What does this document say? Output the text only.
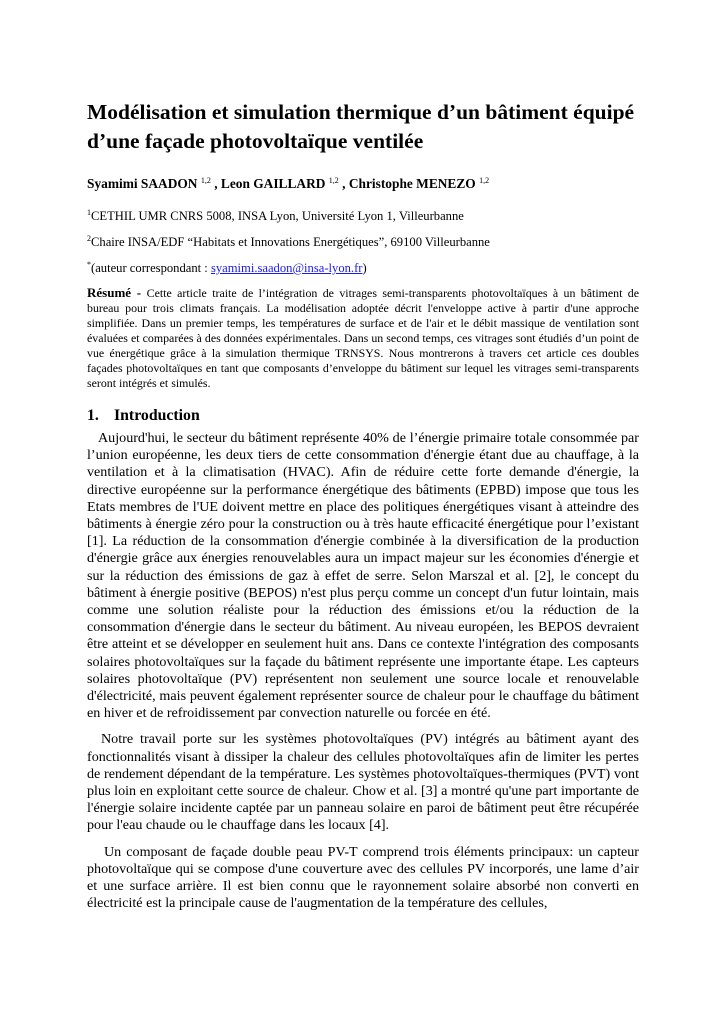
Modélisation et simulation thermique d’un bâtiment équipé d’une façade photovoltaïque ventilée
Syamimi SAADON $^{1,2}$ , Leon GAILLARD $^{1,2}$ , Christophe MENEZO $^{1,2}$
$^1$CETHIL UMR CNRS 5008, INSA Lyon, Université Lyon 1, Villeurbanne
$^2$Chaire INSA/EDF “Habitats et Innovations Energétiques”, 69100 Villeurbanne
*(auteur correspondant : syamimi.saadon@insa-lyon.fr)
Résumé - Cette article traite de l’intégration de vitrages semi-transparents photovoltaïques à un bâtiment de bureau pour trois climats français. La modélisation adoptée décrit l'enveloppe active à partir d'une approche simplifiée. Dans un premier temps, les températures de surface et de l'air et le débit massique de ventilation sont évaluées et comparées à des données expérimentales. Dans un second temps, ces vitrages sont étudiés d’un point de vue énergétique grâce à la simulation thermique TRNSYS. Nous montrerons à travers cet article ces doubles façades photovoltaïques en tant que composants d’enveloppe du bâtiment sur lequel les vitrages semi-transparents seront intégrés et simulés.
1. Introduction

Aujourd'hui, le secteur du bâtiment représente 40% de l’énergie primaire totale consommée par l’union européenne, les deux tiers de cette consommation d'énergie étant due au chauffage, à la ventilation et à la climatisation (HVAC). Afin de réduire cette forte demande d'énergie, la directive européenne sur la performance énergétique des bâtiments (EPBD) impose que tous les Etats membres de l'UE doivent mettre en place des politiques énergétiques visant à atteindre des bâtiments à énergie zéro pour la construction ou à très haute efficacité énergétique pour l’existant [1]. La réduction de la consommation d'énergie combinée à la diversification de la production d'énergie grâce aux énergies renouvelables aura un impact majeur sur les économies d'énergie et sur la réduction des émissions de gaz à effet de serre. Selon Marszal et al. [2], le concept du bâtiment à énergie positive (BEPOS) n'est plus perçu comme un concept d'un futur lointain, mais comme une solution réaliste pour la réduction des émissions et/ou la réduction de la consommation d'énergie dans le secteur du bâtiment. Au niveau européen, les BEPOS devraient être atteint et se développer en seulement huit ans. Dans ce contexte l'intégration des composants solaires photovoltaïques sur la façade du bâtiment représente une importante étape. Les capteurs solaires photovoltaïque (PV) représentent non seulement une source locale et renouvelable d'électricité, mais peuvent également représenter source de chaleur pour le chauffage du bâtiment en hiver et de refroidissement par convection naturelle ou forcée en été.

Notre travail porte sur les systèmes photovoltaïques (PV) intégrés au bâtiment ayant des fonctionnalités visant à dissiper la chaleur des cellules photovoltaïques afin de limiter les pertes de rendement dépendant de la température. Les systèmes photovoltaïques-thermiques (PVT) vont plus loin en exploitant cette source de chaleur. Chow et al. [3] a montré qu'une part importante de l'énergie solaire incidente captée par un panneau solaire en paroi de bâtiment peut être récupérée pour l'eau chaude ou le chauffage dans les locaux [4].

Un composant de façade double peau PV-T comprend trois éléments principaux: un capteur photovoltaïque qui se compose d'une couverture avec des cellules PV incorporés, une lame d’air et une surface arrière. Il est bien connu que le rayonnement solaire absorbé non converti en électricité est la principale cause de l'augmentation de la température des cellules,
